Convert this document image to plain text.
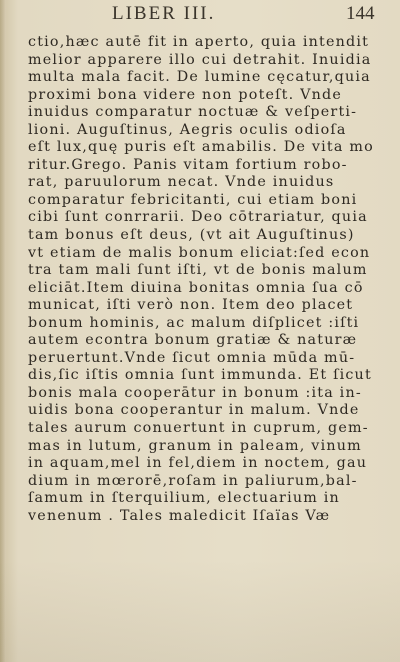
LIBER III.	144
ctio,hæc autē fit in aperto, quia intendit
melior apparere illo cui detrahit. Inuidia
multa mala facit. De lumine cęcatur,quia
proximi bona videre non poteſt. Vnde
inuidus comparatur noctuæ & veſperti-
lioni. Auguſtinus, Aegris oculis odioſa
eſt lux,quę puris eſt amabilis. De vita mo
ritur.Grego. Panis vitam fortium robo-
rat, paruulorum necat. Vnde inuidus
comparatur febricitanti, cui etiam boni
cibi ſunt conrrarii. Deo cōtrariatur, quia
tam bonus eſt deus, (vt ait Auguſtinus)
vt etiam de malis bonum eliciat:ſed econ
tra tam mali ſunt iſti, vt de bonis malum
eliciāt.Item diuina bonitas omnia ſua cō
municat, iſti verò non. Item deo placet
bonum hominis, ac malum diſplicet :iſti
autem econtra bonum gratiæ & naturæ
peruertunt.Vnde ſicut omnia mūda mū-
dis,ſic iſtis omnia ſunt immunda. Et ſicut
bonis mala cooperātur in bonum :ita in-
uidis bona cooperantur in malum. Vnde
tales aurum conuertunt in cuprum, gem-
mas in lutum, granum in paleam, vinum
in aquam,mel in fel,diem in noctem, gau
dium in mœrorē,roſam in paliurum,bal-
ſamum in ſterquilium, electuarium in
venenum . Tales maledicit Iſaïas Væ
